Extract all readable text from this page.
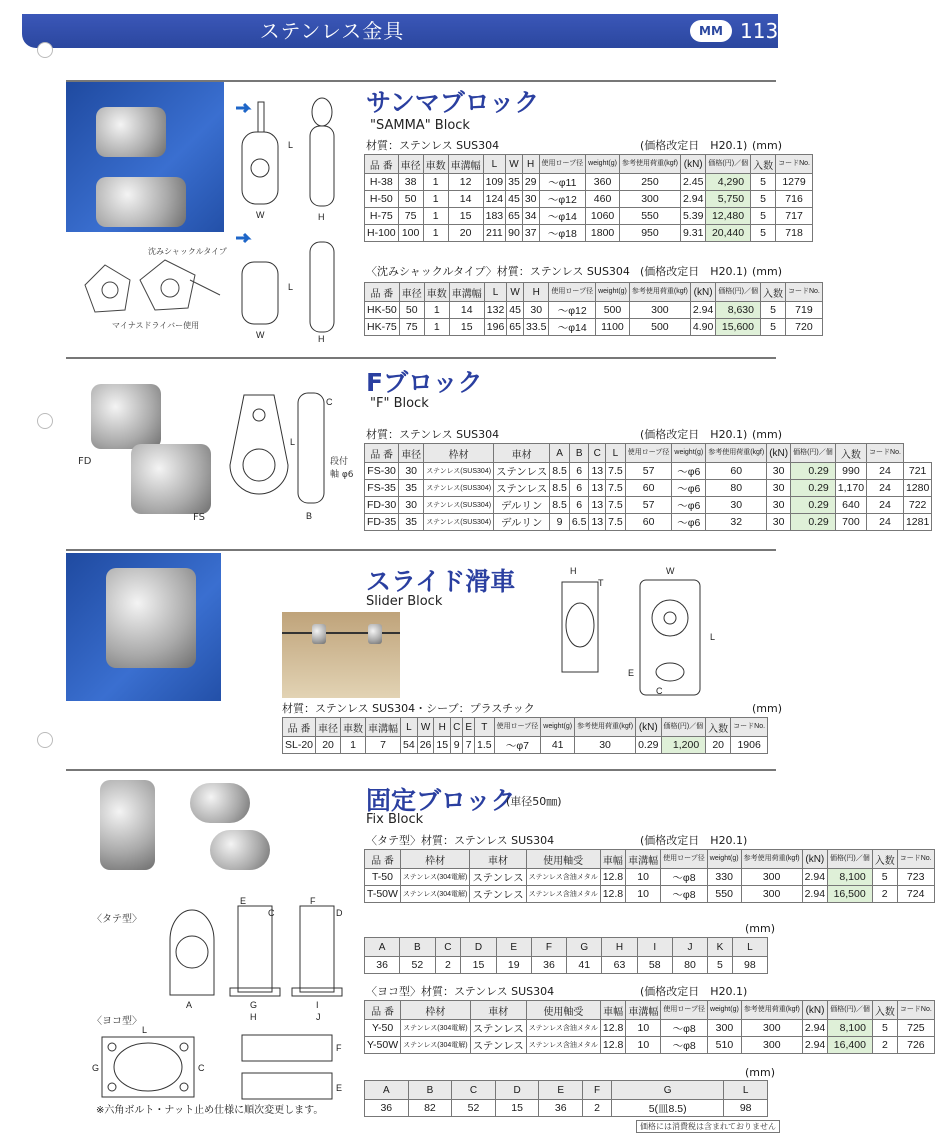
ステンレス金具	MM 113
沈みシャックルタイプ
マイナスドライバー使用
L
W	H
L
W	H
サンマブロック
"SAMMA" Block
材質：ステンレス SUS304	(価格改定日　H20.1) (mm)
品 番	車径	車数	車溝幅	L	W	H	使用ロープ径	weight(g)	参考使用荷重(kgf)	(kN)	価格(円)／個	入数	コードNo.
H-38	38	1	12	109	35	29	～φ11	360	250	2.45	4,290	5	1279
H-50	50	1	14	124	45	30	～φ12	460	300	2.94	5,750	5	716
H-75	75	1	15	183	65	34	～φ14	1060	550	5.39	12,480	5	717
H-100	100	1	20	211	90	37	～φ18	1800	950	9.31	20,440	5	718
〈沈みシャックルタイプ〉材質：ステンレス SUS304 (価格改定日　H20.1) (mm)
品 番	車径	車数	車溝幅	L	W	H	使用ロープ径	weight(g)	参考使用荷重(kgf)	(kN)	価格(円)／個	入数	コードNo.
HK-50	50	1	14	132	45	30	～φ12	500	300	2.94	8,630	5	719
HK-75	75	1	15	196	65	33.5	～φ14	1100	500	4.90	15,600	5	720
FD
FS
L
C
B
段付軸 φ6
Fブロック
"F" Block
材質：ステンレス SUS304	(価格改定日　H20.1) (mm)
品 番	車径	枠材	車材	A	B	C	L	使用ロープ径	weight(g)	参考使用荷重(kgf)	(kN)	価格(円)／個	入数	コードNo.	
FS-30	30	ステンレス(SUS304)	ステンレス	8.5	6	13	7.5	57	～φ6	60	30	0.29	990	24	721
FS-35	35	ステンレス(SUS304)	ステンレス	8.5	6	13	7.5	60	～φ6	80	30	0.29	1,170	24	1280
FD-30	30	ステンレス(SUS304)	デルリン	8.5	6	13	7.5	57	～φ6	30	30	0.29	640	24	722
FD-35	35	ステンレス(SUS304)	デルリン	9	6.5	13	7.5	60	～φ6	32	30	0.29	700	24	1281
H
T
W
L
E
C
スライド滑車
Slider Block
材質：ステンレス SUS304・シーブ：プラスチック	(mm)
品 番	車径	車数	車溝幅	L	W	H	C	E	T	使用ロープ径	weight(g)	参考使用荷重(kgf)	(kN)	価格(円)／個	入数	コードNo.
SL-20	20	1	7	54	26	15	9	7	1.5	～φ7	41	30	0.29	1,200	20	1906
固定ブロック
(車径50㎜)
Fix Block
〈タテ型〉材質：ステンレス SUS304	(価格改定日　H20.1)
品 番	枠材	車材	使用軸受	車幅	車溝幅	使用ロープ径	weight(g)	参考使用荷重(kgf)	(kN)	価格(円)／個	入数	コードNo.
T-50	ステンレス(304電解)	ステンレス	ステンレス含油メタル	12.8	10	～φ8	330	300	2.94	8,100	5	723
T-50W	ステンレス(304電解)	ステンレス	ステンレス含油メタル	12.8	10	～φ8	550	300	2.94	16,500	2	724
〈タテ型〉
A	G	I
E
C
F
D
H	J
(mm)
A	B	C	D	E	F	G	H	I	J	K	L
36	52	2	15	19	36	41	63	58	80	5	98
〈ヨコ型〉材質：ステンレス SUS304	(価格改定日　H20.1)
品 番	枠材	車材	使用軸受	車幅	車溝幅	使用ロープ径	weight(g)	参考使用荷重(kgf)	(kN)	価格(円)／個	入数	コードNo.
Y-50	ステンレス(304電解)	ステンレス	ステンレス含油メタル	12.8	10	～φ8	300	300	2.94	8,100	5	725
Y-50W	ステンレス(304電解)	ステンレス	ステンレス含油メタル	12.8	10	～φ8	510	300	2.94	16,400	2	726
〈ヨコ型〉
L
C
G
F
E
(mm)
A	B	C	D	E	F	G	L
36	82	52	15	36	2	5(皿8.5)	98
※六角ボルト・ナット止め仕様に順次変更します。
価格には消費税は含まれておりません
